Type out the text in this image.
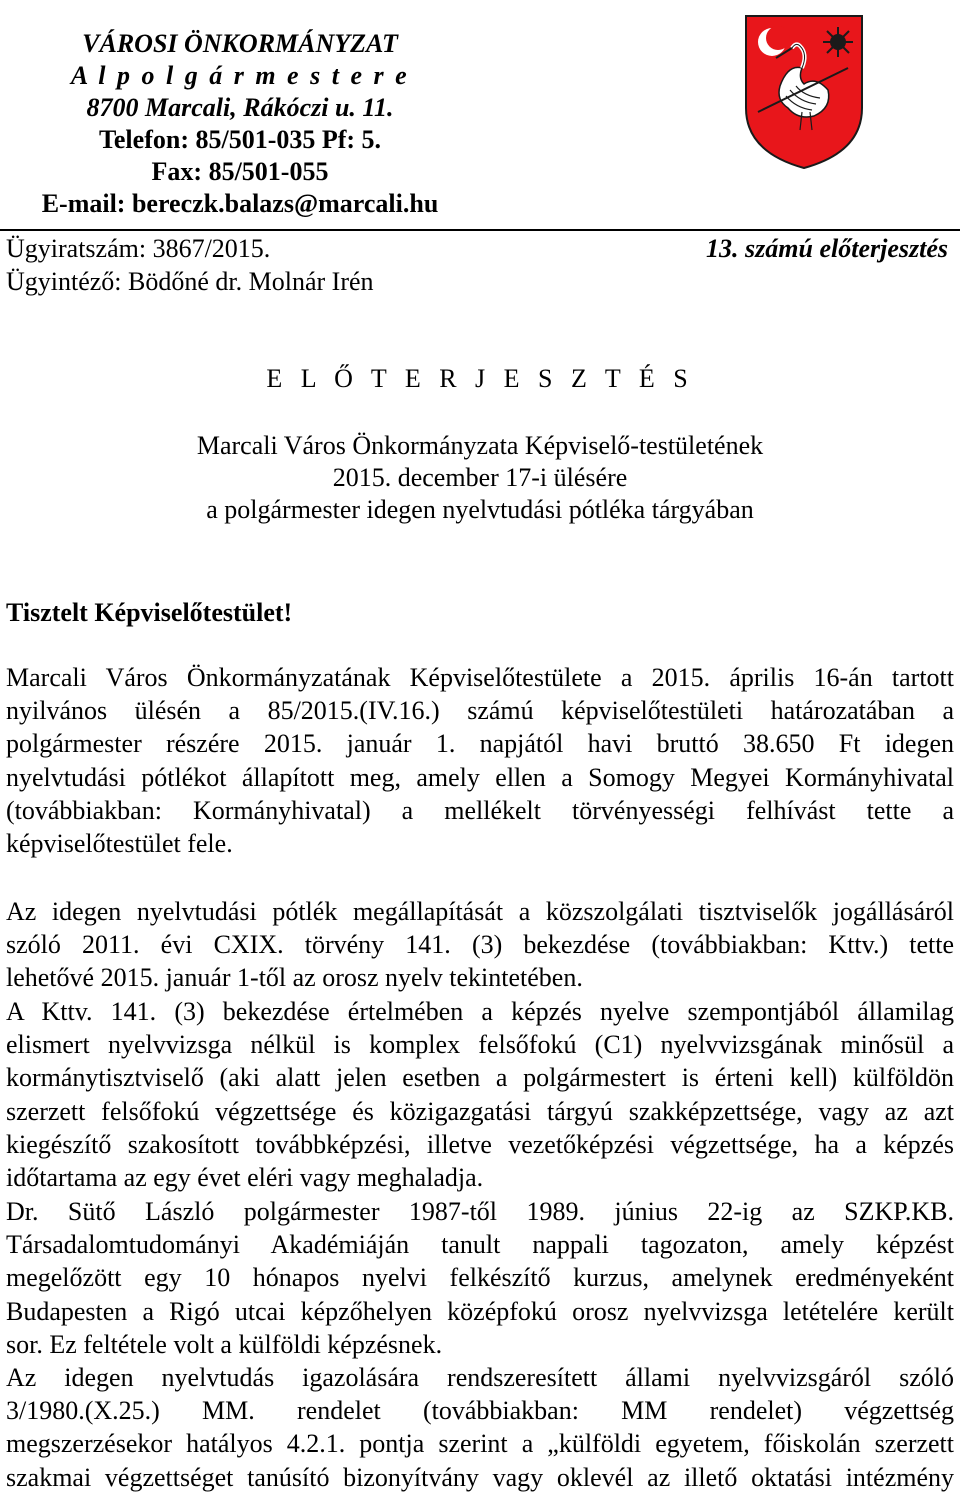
VÁROSI ÖNKORMÁNYZAT
A l p o l g á r m e s t e r e
8700 Marcali, Rákóczi u. 11.
Telefon: 85/501-035 Pf: 5.
Fax: 85/501-055
E-mail: bereczk.balazs@marcali.hu
Ügyiratszám: 3867/2015.
Ügyintéző: Bödőné dr. Molnár Irén
13. számú előterjesztés
E L Ő T E R J E S Z T É S
Marcali Város Önkormányzata Képviselő-testületének
2015. december 17-i ülésére
a polgármester idegen nyelvtudási pótléka tárgyában
Tisztelt Képviselőtestület!
Marcali Város Önkormányzatának Képviselőtestülete a 2015. április 16-án tartott
nyilvános ülésén a 85/2015.(IV.16.) számú képviselőtestületi határozatában a
polgármester részére 2015. január 1. napjától havi bruttó 38.650 Ft idegen
nyelvtudási pótlékot állapított meg, amely ellen a Somogy Megyei Kormányhivatal
(továbbiakban: Kormányhivatal) a mellékelt törvényességi felhívást tette a
képviselőtestület fele.
Az idegen nyelvtudási pótlék megállapítását a közszolgálati tisztviselők jogállásáról
szóló 2011. évi CXIX. törvény 141. (3) bekezdése (továbbiakban: Kttv.) tette
lehetővé 2015. január 1-től az orosz nyelv tekintetében.
A Kttv. 141. (3) bekezdése értelmében a képzés nyelve szempontjából államilag
elismert nyelvvizsga nélkül is komplex felsőfokú (C1) nyelvvizsgának minősül a
kormánytisztviselő (aki alatt jelen esetben a polgármestert is érteni kell) külföldön
szerzett felsőfokú végzettsége és közigazgatási tárgyú szakképzettsége, vagy az azt
kiegészítő szakosított továbbképzési, illetve vezetőképzési végzettsége, ha a képzés
időtartama az egy évet eléri vagy meghaladja.
Dr. Sütő László polgármester 1987-től 1989. június 22-ig az SZKP.KB.
Társadalomtudományi Akadémiáján tanult nappali tagozaton, amely képzést
megelőzött egy 10 hónapos nyelvi felkészítő kurzus, amelynek eredményeként
Budapesten a Rigó utcai képzőhelyen középfokú orosz nyelvvizsga letételére került
sor. Ez feltétele volt a külföldi képzésnek.
Az idegen nyelvtudás igazolására rendszeresített állami nyelvvizsgáról szóló
3/1980.(X.25.) MM. rendelet (továbbiakban: MM rendelet) végzettség
megszerzésekor hatályos 4.2.1. pontja szerint a „külföldi egyetem, főiskolán szerzett
szakmai végzettséget tanúsító bizonyítvány vagy oklevél az illető oktatási intézmény
